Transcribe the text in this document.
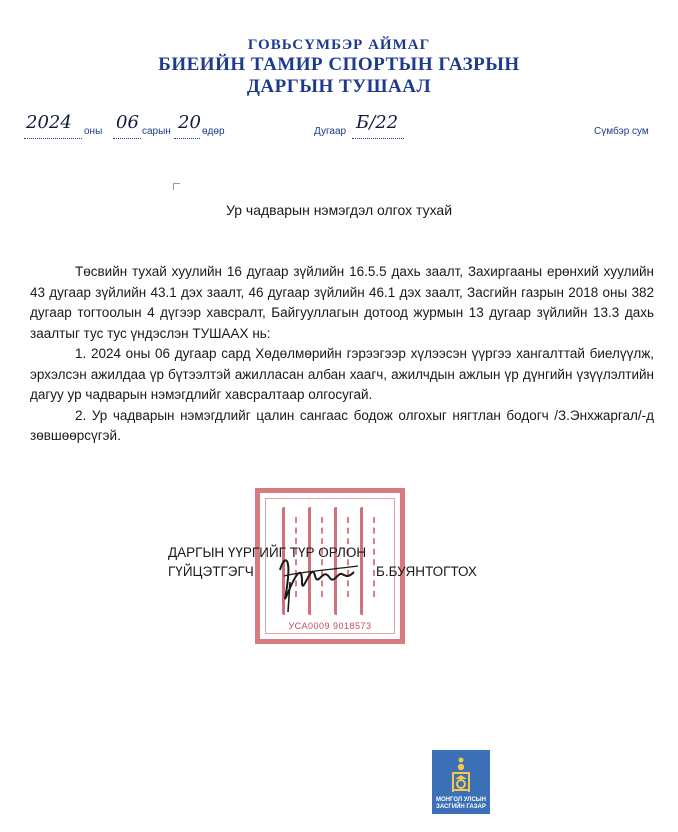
ГОВЬСҮМБЭР АЙМАГ
БИЕИЙН ТАМИР СПОРТЫН ГАЗРЫН
ДАРГЫН ТУШААЛ
2024 оны 06 сарын 20 өдөр	Дугаар Б/22	Сүмбэр сум
Ур чадварын нэмэгдэл олгох тухай

Төсвийн тухай хуулийн 16 дугаар зүйлийн 16.5.5 дахь заалт, Захиргааны ерөнхий хуулийн 43 дугаар зүйлийн 43.1 дэх заалт, 46 дугаар зүйлийн 46.1 дэх заалт, Засгийн газрын 2018 оны 382 дугаар тогтоолын 4 дүгээр хавсралт, Байгууллагын дотоод журмын 13 дугаар зүйлийн 13.3 дахь заалтыг тус тус үндэслэн ТУШААХ нь:

1. 2024 оны 06 дугаар сард Хөдөлмөрийн гэрээгээр хүлээсэн үүргээ хангалттай биелүүлж, эрхэлсэн ажилдаа үр бүтээлтэй ажилласан албан хаагч, ажилчдын ажлын үр дүнгийн үзүүлэлтийн дагуу ур чадварын нэмэгдлийг хавсралтаар олгосугай.

2. Ур чадварын нэмэгдлийг цалин сангаас бодож олгохыг нягтлан бодогч /З.Энхжаргал/-д зөвшөөрсүгэй.

УСА0009 9018573
ДАРГЫН ҮҮРГИЙГ ТҮР ОРЛОН
ГҮЙЦЭТГЭГЧ	Б.БУЯНТОГТОХ
МОНГОЛ УЛСЫН
ЗАСГИЙН ГАЗАР
